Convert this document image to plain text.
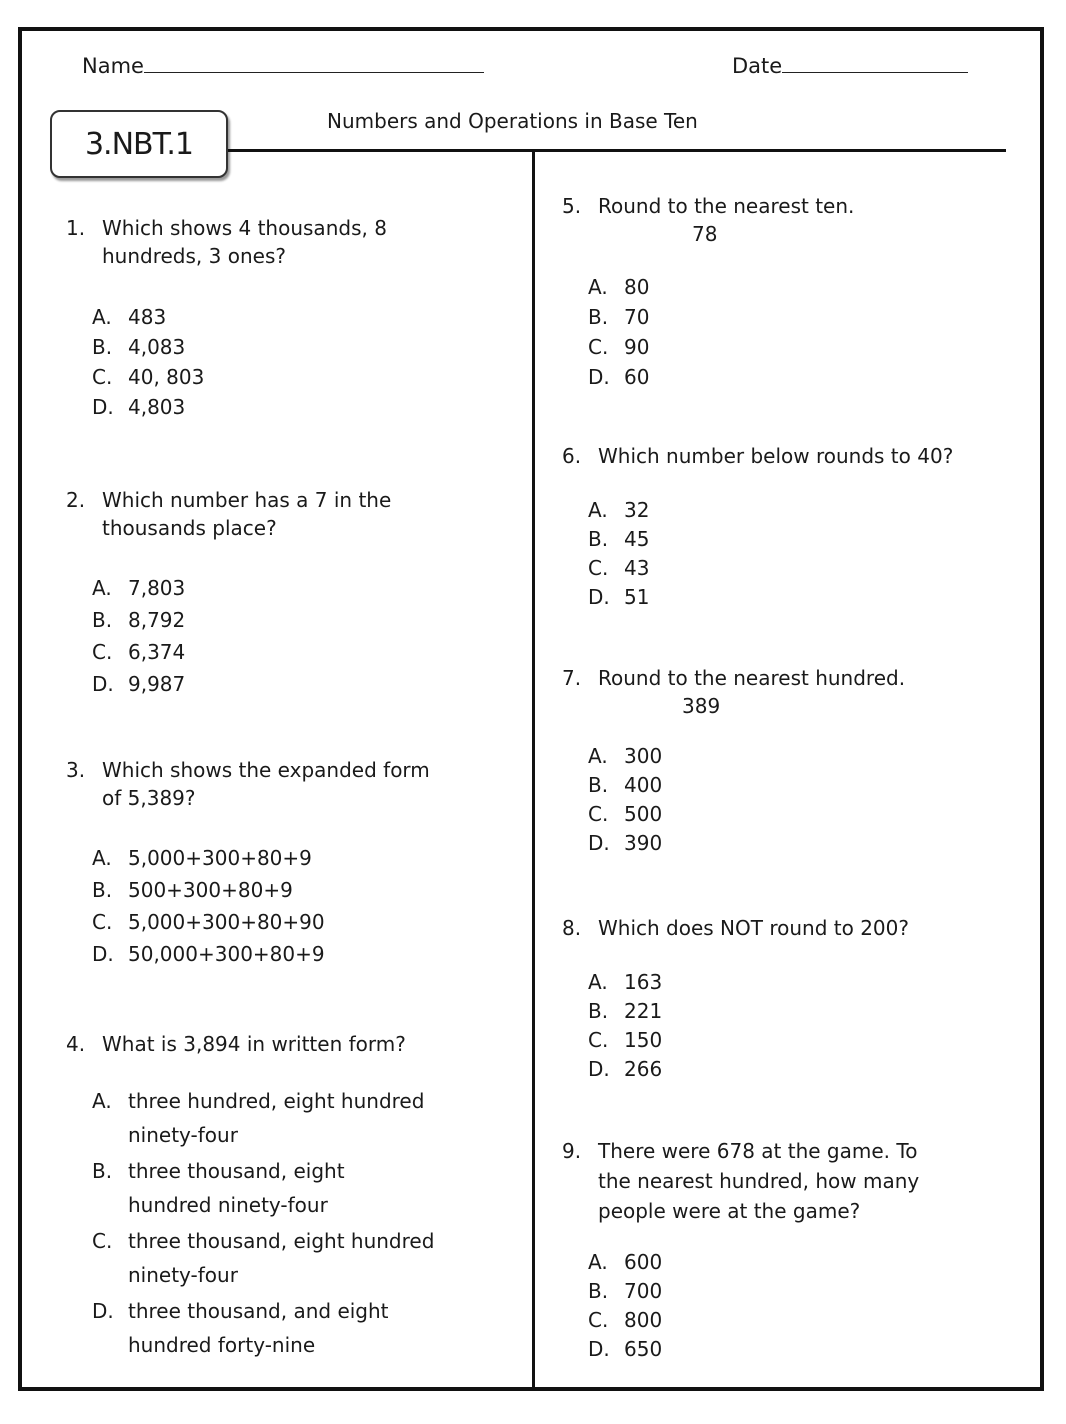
Name	Date
3.NBT.1
Numbers and Operations in Base Ten
1. Which shows 4 thousands, 8
hundreds, 3 ones?
A. 483
B. 4,083
C. 40, 803
D. 4,803
2. Which number has a 7 in the
thousands place?
A. 7,803
B. 8,792
C. 6,374
D. 9,987
3. Which shows the expanded form
of 5,389?
A. 5,000+300+80+9
B. 500+300+80+9
C. 5,000+300+80+90
D. 50,000+300+80+9
4. What is 3,894 in written form?
A. three hundred, eight hundred
ninety-four
B. three thousand, eight
hundred ninety-four
C. three thousand, eight hundred
ninety-four
D. three thousand, and eight
hundred forty-nine
5. Round to the nearest ten.
78
A. 80
B. 70
C. 90
D. 60
6. Which number below rounds to 40?
A. 32
B. 45
C. 43
D. 51
7. Round to the nearest hundred.
389
A. 300
B. 400
C. 500
D. 390
8. Which does NOT round to 200?
A. 163
B. 221
C. 150
D. 266
9. There were 678 at the game. To
the nearest hundred, how many
people were at the game?
A. 600
B. 700
C. 800
D. 650
